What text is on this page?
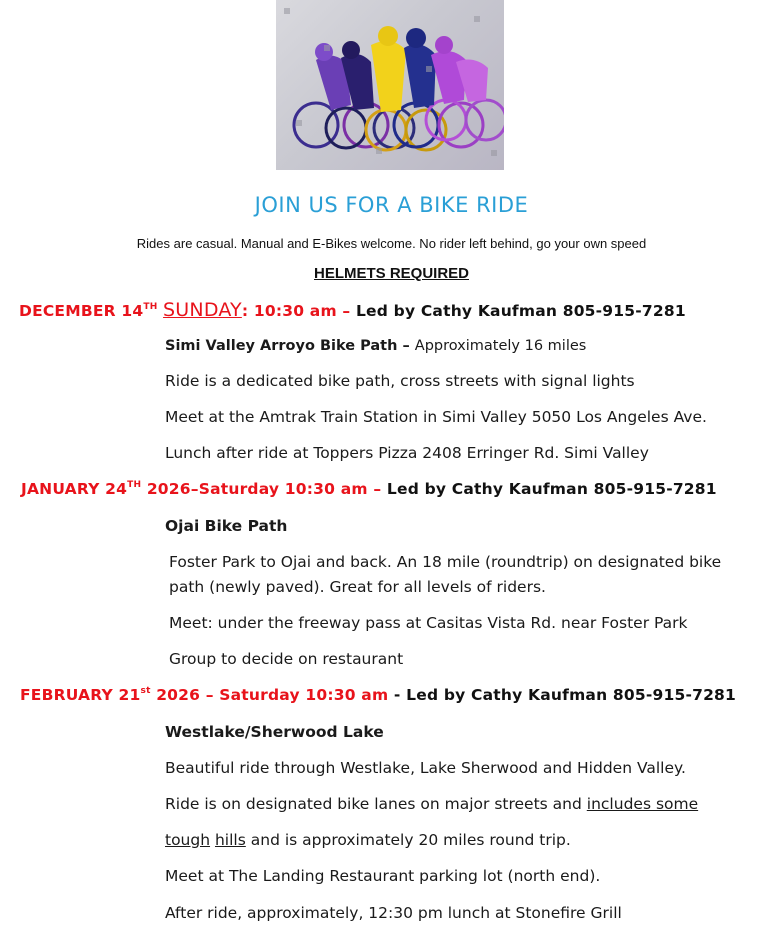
JOIN US FOR A BIKE RIDE
Rides are casual. Manual and E-Bikes welcome. No rider left behind, go your own speed
HELMETS REQUIRED
DECEMBER 14TH SUNDAY: 10:30 am – Led by Cathy Kaufman 805-915-7281
Simi Valley Arroyo Bike Path – Approximately 16 miles
Ride is a dedicated bike path, cross streets with signal lights
Meet at the Amtrak Train Station in Simi Valley 5050 Los Angeles Ave.
Lunch after ride at Toppers Pizza 2408 Erringer Rd. Simi Valley
JANUARY 24TH 2026–Saturday 10:30 am – Led by Cathy Kaufman 805-915-7281
Ojai Bike Path
Foster Park to Ojai and back. An 18 mile (roundtrip) on designated bike
path (newly paved). Great for all levels of riders.
Meet: under the freeway pass at Casitas Vista Rd. near Foster Park
Group to decide on restaurant
FEBRUARY 21st 2026 – Saturday 10:30 am - Led by Cathy Kaufman 805-915-7281
Westlake/Sherwood Lake
Beautiful ride through Westlake, Lake Sherwood and Hidden Valley.
Ride is on designated bike lanes on major streets and includes some
tough hills and is approximately 20 miles round trip.
Meet at The Landing Restaurant parking lot (north end).
After ride, approximately, 12:30 pm lunch at Stonefire Grill
